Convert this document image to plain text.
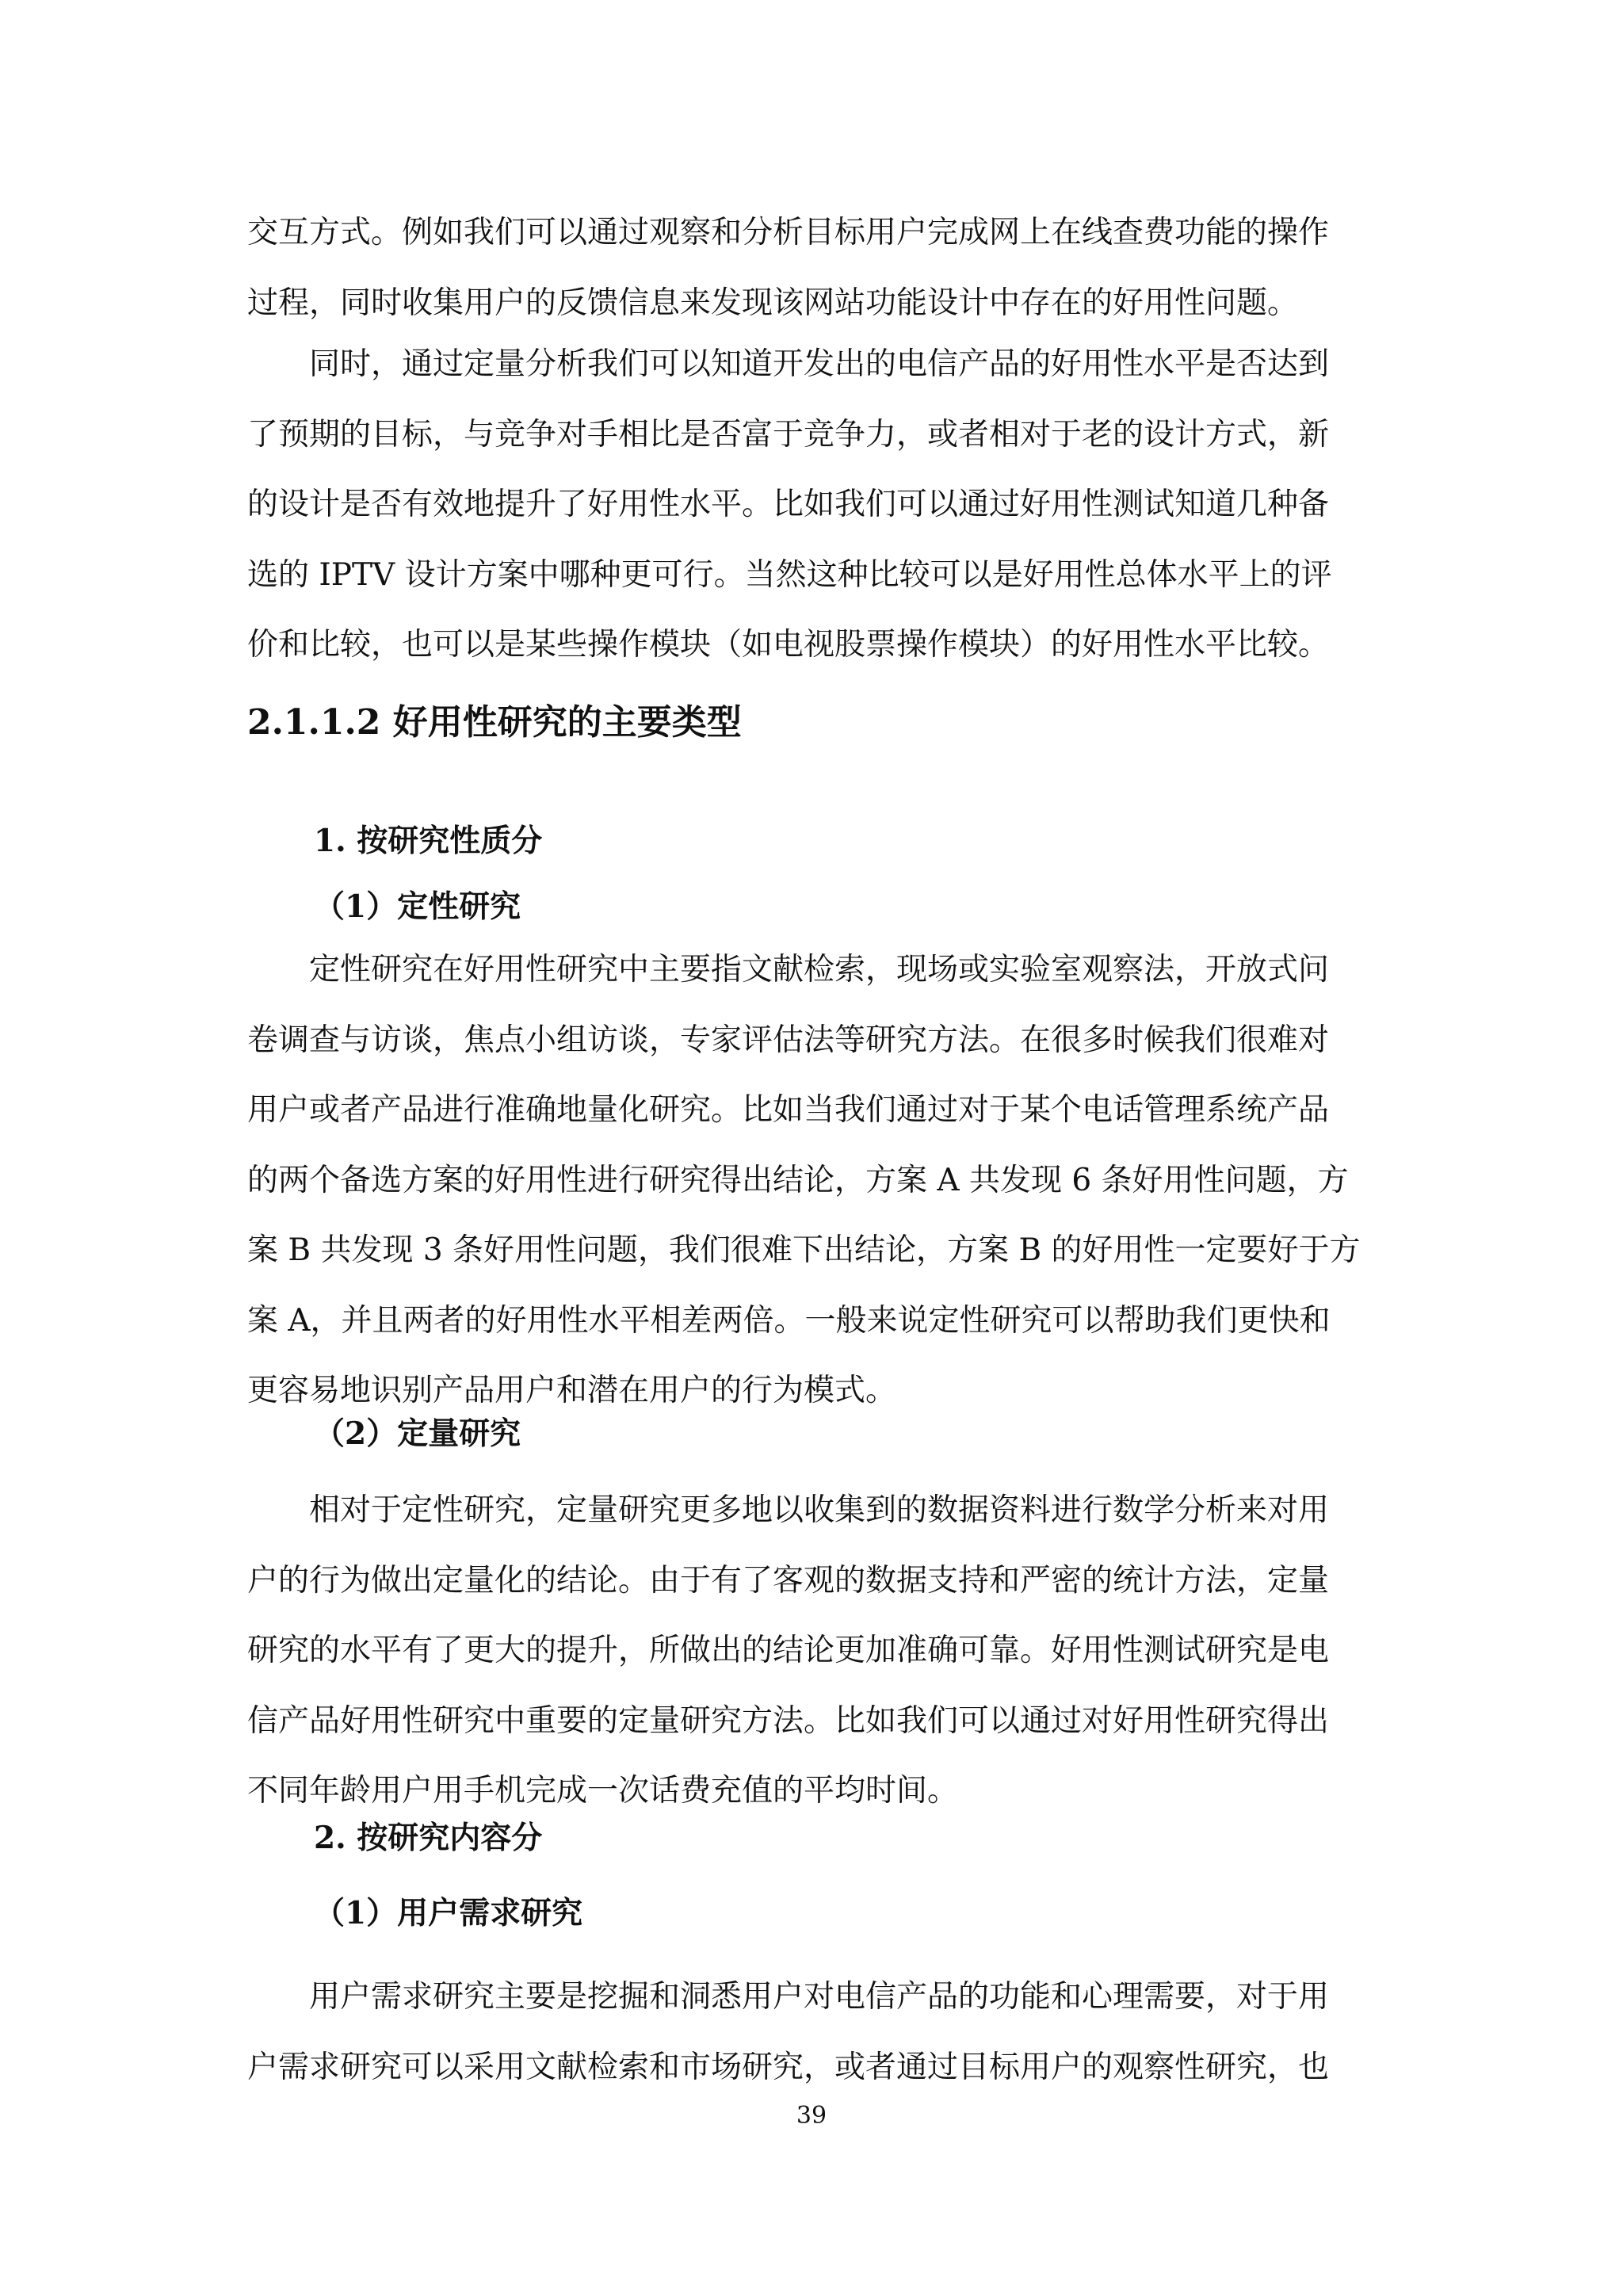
交互方式。例如我们可以通过观察和分析目标用户完成网上在线查费功能的操作
过程，同时收集用户的反馈信息来发现该网站功能设计中存在的好用性问题。
　　同时，通过定量分析我们可以知道开发出的电信产品的好用性水平是否达到
了预期的目标，与竞争对手相比是否富于竞争力，或者相对于老的设计方式，新
的设计是否有效地提升了好用性水平。比如我们可以通过好用性测试知道几种备
选的 IPTV 设计方案中哪种更可行。当然这种比较可以是好用性总体水平上的评
价和比较，也可以是某些操作模块（如电视股票操作模块）的好用性水平比较。
2.1.1.2 好用性研究的主要类型
1. 按研究性质分
（1）定性研究
　　定性研究在好用性研究中主要指文献检索，现场或实验室观察法，开放式问
卷调查与访谈，焦点小组访谈，专家评估法等研究方法。在很多时候我们很难对
用户或者产品进行准确地量化研究。比如当我们通过对于某个电话管理系统产品
的两个备选方案的好用性进行研究得出结论，方案 A 共发现 6 条好用性问题，方
案 B 共发现 3 条好用性问题，我们很难下出结论，方案 B 的好用性一定要好于方
案 A，并且两者的好用性水平相差两倍。一般来说定性研究可以帮助我们更快和
更容易地识别产品用户和潜在用户的行为模式。
（2）定量研究
　　相对于定性研究，定量研究更多地以收集到的数据资料进行数学分析来对用
户的行为做出定量化的结论。由于有了客观的数据支持和严密的统计方法，定量
研究的水平有了更大的提升，所做出的结论更加准确可靠。好用性测试研究是电
信产品好用性研究中重要的定量研究方法。比如我们可以通过对好用性研究得出
不同年龄用户用手机完成一次话费充值的平均时间。
2. 按研究内容分
（1）用户需求研究
　　用户需求研究主要是挖掘和洞悉用户对电信产品的功能和心理需要，对于用
户需求研究可以采用文献检索和市场研究，或者通过目标用户的观察性研究，也
39
